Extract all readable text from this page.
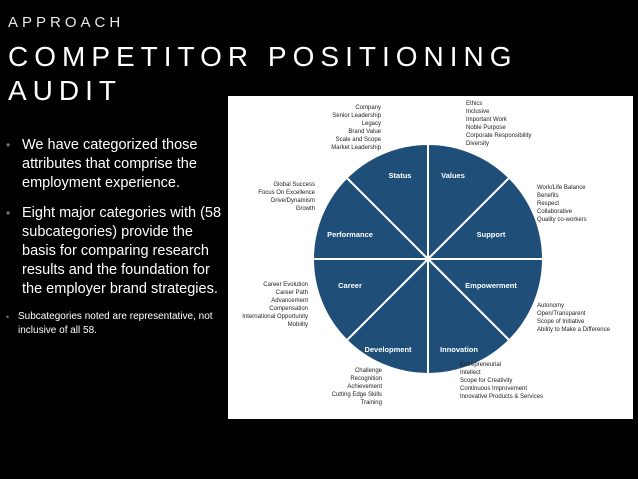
APPROACH
COMPETITOR POSITIONING
AUDIT
• We have categorized those attributes that comprise the employment experience.
• Eight major categories with (58 subcategories) provide the basis for comparing research results and the foundation for the employer brand strategies.
• Subcategories noted are representative, not inclusive of all 58.
Status	Values
Support
Empowerment
Innovation
Development
Career
Performance
Company
Senior Leadership
Legacy
Brand Value
Scale and Scope
Market Leadership
Ethics
Inclusive
Important Work
Noble Purpose
Corporate Responsibility
Diversity
Work/Life Balance
Benefits
Respect
Collaborative
Quality co-workers
Global Success
Focus On Excellence
Drive/Dynamism
Growth
Career Evolution
Career Path
Advancement
Compensation
International Opportunity
Mobility
Autonomy
Open/Transparent
Scope of Initiative
Ability to Make a Difference
Challenge
Recognition
Achievement
Cutting Edge Skills
Training
Entrepreneurial
Intellect
Scope for Creativity
Continuous Improvement
Innovative Products & Services
